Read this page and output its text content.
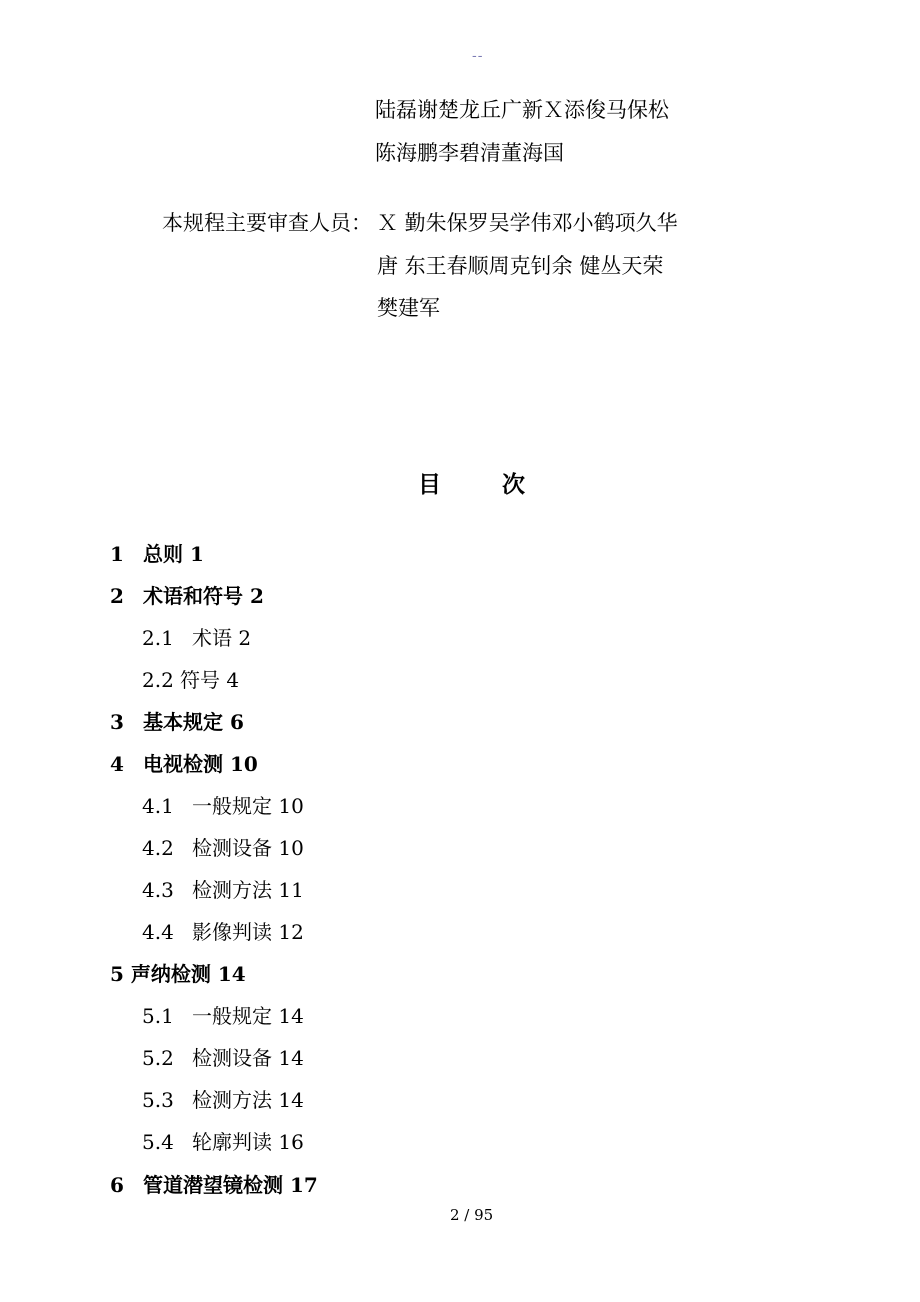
--
陆磊谢楚龙丘广新Ｘ添俊马保松
陈海鹏李碧清董海国
本规程主要审查人员： Ｘ 勤朱保罗吴学伟邓小鹤项久华
唐 东王春顺周克钊余 健丛天荣
樊建军
目	次
1 总则 1
2 术语和符号 2
2.1 术语 2
2.2 符号 4
3 基本规定 6
4 电视检测 10
4.1 一般规定 10
4.2 检测设备 10
4.3 检测方法 11
4.4 影像判读 12
5 声纳检测 14
5.1 一般规定 14
5.2 检测设备 14
5.3 检测方法 14
5.4 轮廓判读 16
6 管道潜望镜检测 17
2 / 95
